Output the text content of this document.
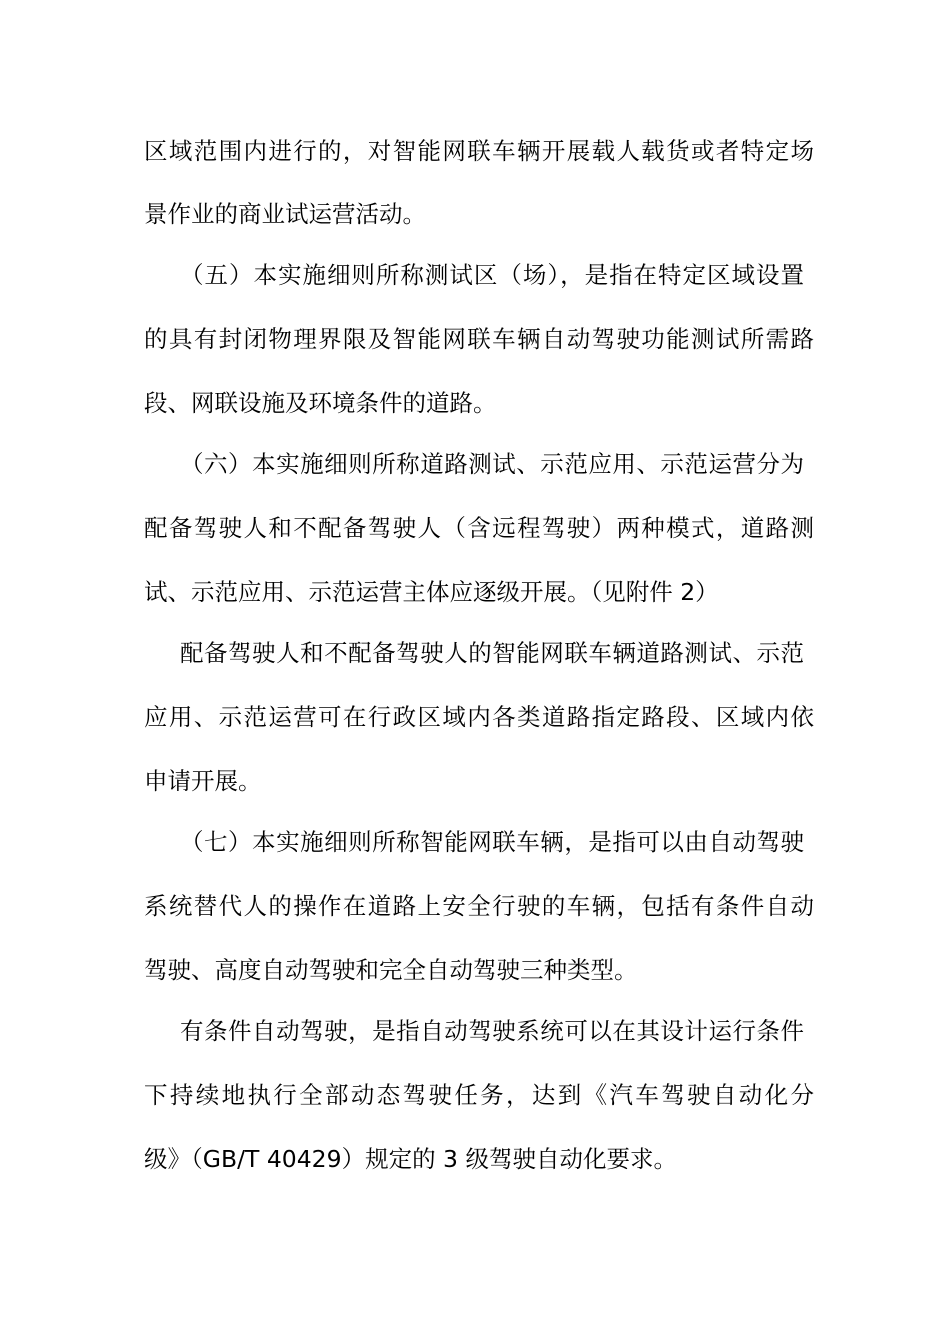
区域范围内进行的，对智能网联车辆开展载人载货或者特定场
景作业的商业试运营活动。
（五）本实施细则所称测试区（场），是指在特定区域设置
的具有封闭物理界限及智能网联车辆自动驾驶功能测试所需路
段、网联设施及环境条件的道路。
（六）本实施细则所称道路测试、示范应用、示范运营分为
配备驾驶人和不配备驾驶人（含远程驾驶）两种模式，道路测
试、示范应用、示范运营主体应逐级开展。（见附件 2）
配备驾驶人和不配备驾驶人的智能网联车辆道路测试、示范
应用、示范运营可在行政区域内各类道路指定路段、区域内依
申请开展。
（七）本实施细则所称智能网联车辆，是指可以由自动驾驶
系统替代人的操作在道路上安全行驶的车辆，包括有条件自动
驾驶、高度自动驾驶和完全自动驾驶三种类型。
有条件自动驾驶，是指自动驾驶系统可以在其设计运行条件
下持续地执行全部动态驾驶任务，达到《汽车驾驶自动化分
级》（GB/T 40429）规定的 3 级驾驶自动化要求。
